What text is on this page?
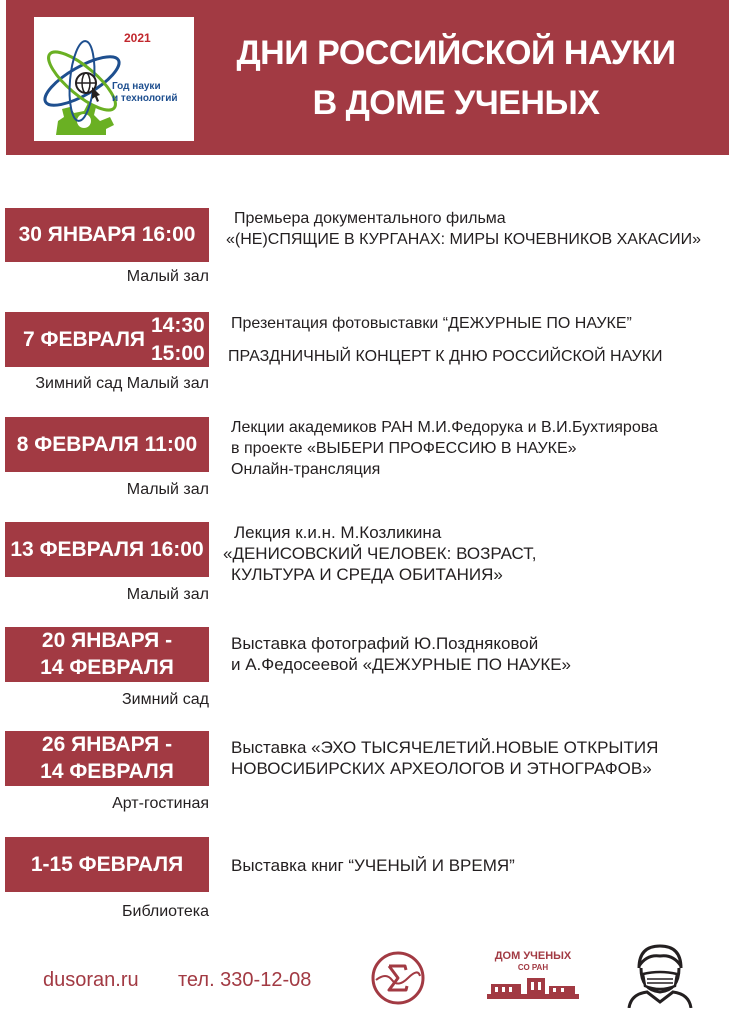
2021
Год науки
и технологий
ДНИ РОССИЙСКОЙ НАУКИ
В ДОМЕ УЧЕНЫХ
30 ЯНВАРЯ 16:00
Малый зал
Премьера документального фильма
«(НЕ)СПЯЩИЕ В КУРГАНАХ: МИРЫ КОЧЕВНИКОВ ХАКАСИИ»
7 ФЕВРАЛЯ
14:30
15:00
Зимний сад Малый зал
Презентация фотовыставки “ДЕЖУРНЫЕ ПО НАУКЕ”
ПРАЗДНИЧНЫЙ КОНЦЕРТ К ДНЮ РОССИЙСКОЙ НАУКИ
8 ФЕВРАЛЯ 11:00
Малый зал
Лекции академиков РАН М.И.Федорука и В.И.Бухтиярова
в проекте «ВЫБЕРИ ПРОФЕССИЮ В НАУКЕ»
Онлайн-трансляция
13 ФЕВРАЛЯ 16:00
Малый зал
Лекция к.и.н. М.Козликина
«ДЕНИСОВСКИЙ ЧЕЛОВЕК: ВОЗРАСТ,
КУЛЬТУРА И СРЕДА ОБИТАНИЯ»
20 ЯНВАРЯ -
14 ФЕВРАЛЯ
Зимний сад
Выставка фотографий Ю.Поздняковой
и А.Федосеевой «ДЕЖУРНЫЕ ПО НАУКЕ»
26 ЯНВАРЯ -
14 ФЕВРАЛЯ
Арт-гостиная
Выставка «ЭХО ТЫСЯЧЕЛЕТИЙ.НОВЫЕ ОТКРЫТИЯ
НОВОСИБИРСКИХ АРХЕОЛОГОВ И ЭТНОГРАФОВ»
1-15 ФЕВРАЛЯ
Библиотека
Выставка книг “УЧЕНЫЙ И ВРЕМЯ”
dusoran.ru тел. 330-12-08
ДОМ УЧЕНЫХ
СО РАН
